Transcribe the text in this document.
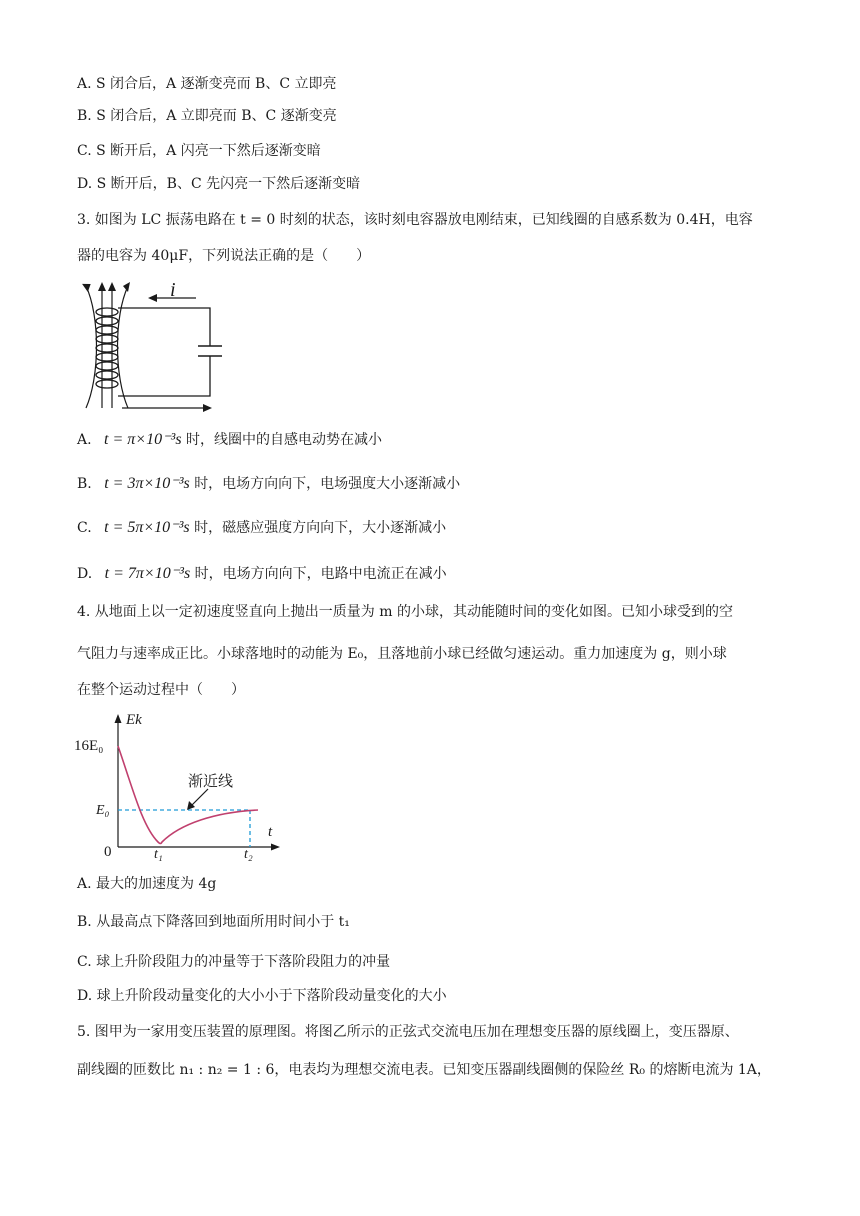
A. S 闭合后，A 逐渐变亮而 B、C 立即亮
B. S 闭合后，A 立即亮而 B、C 逐渐变亮
C. S 断开后，A 闪亮一下然后逐渐变暗
D. S 断开后，B、C 先闪亮一下然后逐渐变暗
3. 如图为 LC 振荡电路在 t = 0 时刻的状态，该时刻电容器放电刚结束，已知线圈的自感系数为 0.4H，电容
器的电容为 40μF，下列说法正确的是（　　）
i
A. t = π×10⁻³s 时，线圈中的自感电动势在减小
B. t = 3π×10⁻³s 时，电场方向向下，电场强度大小逐渐减小
C. t = 5π×10⁻³s 时，磁感应强度方向向下，大小逐渐减小
D. t = 7π×10⁻³s 时，电场方向向下，电路中电流正在减小
4. 从地面上以一定初速度竖直向上抛出一质量为 m 的小球，其动能随时间的变化如图。已知小球受到的空
气阻力与速率成正比。小球落地时的动能为 E₀，且落地前小球已经做匀速运动。重力加速度为 g，则小球
在整个运动过程中（　　）
Ek
16E₀
E₀
0
t
t₁	t₂
渐近线
A. 最大的加速度为 4g
B. 从最高点下降落回到地面所用时间小于 t₁
C. 球上升阶段阻力的冲量等于下落阶段阻力的冲量
D. 球上升阶段动量变化的大小小于下落阶段动量变化的大小
5. 图甲为一家用变压装置的原理图。将图乙所示的正弦式交流电压加在理想变压器的原线圈上，变压器原、
副线圈的匝数比 n₁ : n₂ = 1 : 6，电表均为理想交流电表。已知变压器副线圈侧的保险丝 R₀ 的熔断电流为 1A，
